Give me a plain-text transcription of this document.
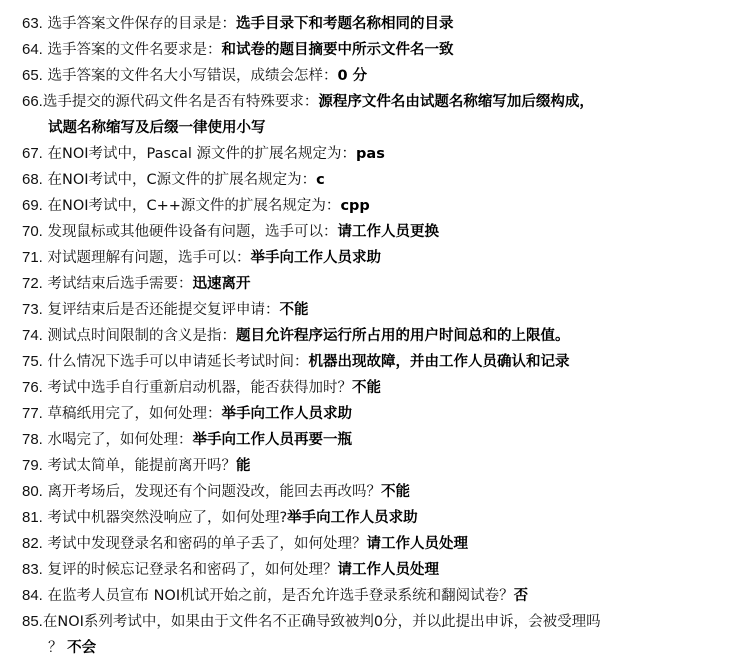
63. 选手答案文件保存的目录是：选手目录下和考题名称相同的目录
64. 选手答案的文件名要求是：和试卷的题目摘要中所示文件名一致
65. 选手答案的文件名大小写错误，成绩会怎样：0 分
66.选手提交的源代码文件名是否有特殊要求：源程序文件名由试题名称缩写加后缀构成，
试题名称缩写及后缀一律使用小写
67. 在NOI考试中，Pascal 源文件的扩展名规定为：pas
68. 在NOI考试中，C源文件的扩展名规定为：c
69. 在NOI考试中，C++源文件的扩展名规定为：cpp
70. 发现鼠标或其他硬件设备有问题，选手可以：请工作人员更换
71. 对试题理解有问题，选手可以：举手向工作人员求助
72. 考试结束后选手需要：迅速离开
73. 复评结束后是否还能提交复评申请：不能
74. 测试点时间限制的含义是指：题目允许程序运行所占用的用户时间总和的上限值。
75. 什么情况下选手可以申请延长考试时间：机器出现故障，并由工作人员确认和记录
76. 考试中选手自行重新启动机器，能否获得加时？不能
77. 草稿纸用完了，如何处理：举手向工作人员求助
78. 水喝完了，如何处理：举手向工作人员再要一瓶
79. 考试太简单，能提前离开吗？能
80. 离开考场后，发现还有个问题没改，能回去再改吗？不能
81. 考试中机器突然没响应了，如何处理?举手向工作人员求助
82. 考试中发现登录名和密码的单子丢了，如何处理？请工作人员处理
83. 复评的时候忘记登录名和密码了，如何处理？请工作人员处理
84. 在监考人员宣布 NOI机试开始之前，是否允许选手登录系统和翻阅试卷？否
85.在NOI系列考试中，如果由于文件名不正确导致被判0分，并以此提出申诉，会被受理吗
？ 不会
